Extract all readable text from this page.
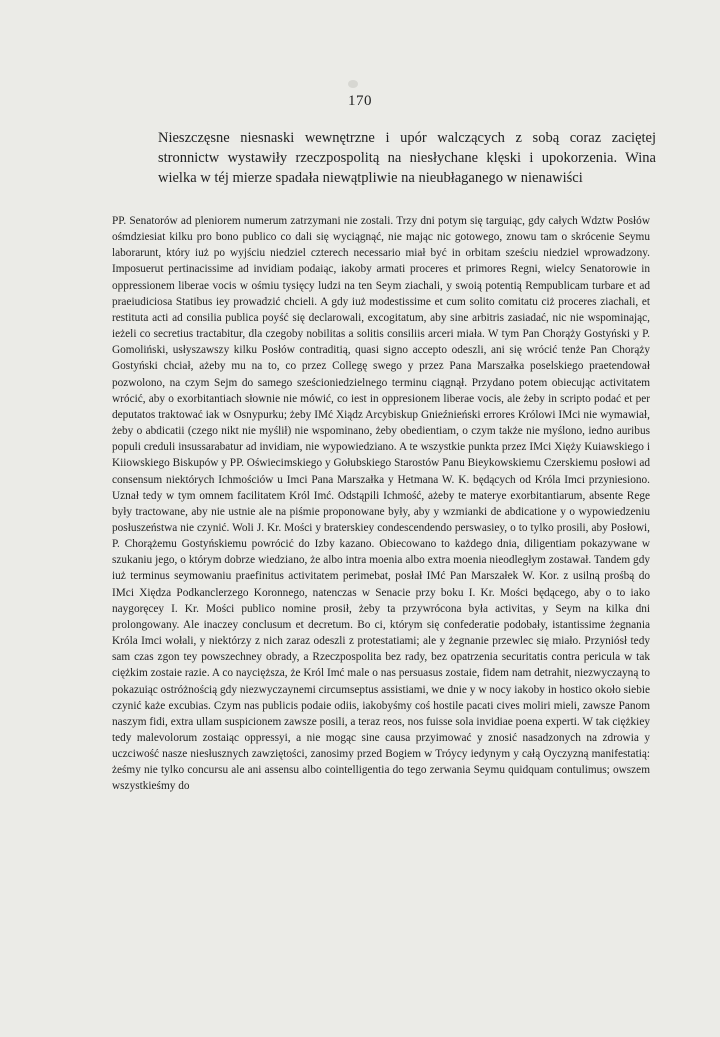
170
Nieszczęsne niesnaski wewnętrzne i upór walczących z sobą coraz zaciętej stronnictw wystawiły rzeczpospolitą na niesłychane klęski i upokorzenia. Wina wielka w téj mierze spadała niewątpliwie na nieubłaganego w nienawiści

PP. Senatorów ad pleniorem numerum zatrzymani nie zostali. Trzy dni potym się targuiąc, gdy całych Wdztw Posłów ośmdziesiat kilku pro bono publico co dali się wyciągnąć, nie mając nic gotowego, znowu tam o skrócenie Seymu laborarunt, który iuż po wyjściu niedziel czterech necessario miał być in orbitam sześciu niedziel wprowadzony. Imposuerut pertinacissime ad invidiam podaiąc, iakoby armati proceres et primores Regni, wielcy Senatorowie in oppressionem liberae vocis w ośmiu tysięcy ludzi na ten Seym ziachali, y swoią potentią Rempublicam turbare et ad praeiudiciosa Statibus iey prowadzić chcieli. A gdy iuż modestissime et cum solito comitatu ciż proceres ziachali, et restituta acti ad consilia publica poyść się declarowali, excogitatum, aby sine arbitris zasiadać, nic nie wspominając, ieżeli co secretius tractabitur, dla czegoby nobilitas a solitis consiliis arceri miała. W tym Pan Chorąży Gostyński y P. Gomoliński, usłyszawszy kilku Posłów contraditią, quasi signo accepto odeszli, ani się wrócić tenże Pan Chorąży Gostyński chciał, ażeby mu na to, co przez Collegę swego y przez Pana Marszałka poselskiego praetendował pozwolono, na czym Sejm do samego sześcioniedzielnego terminu ciągnął. Przydano potem obiecując activitatem wrócić, aby o exorbitantiach słownie nie mówić, co iest in oppresionem liberae vocis, ale żeby in scripto podać et per deputatos traktować iak w Osnypurku; żeby IMć Xiądz Arcybiskup Gnieźnieński errores Królowi IMci nie wymawiał, żeby o abdicatii (czego nikt nie myślił) nie wspominano, żeby obedientiam, o czym także nie myślono, iedno auribus populi creduli insussarabatur ad invidiam, nie wypowiedziano. A te wszystkie punkta przez IMci Xięży Kuiawskiego i Kiiowskiego Biskupów y PP. Oświecimskiego y Gołubskiego Starostów Panu Bieykowskiemu Czerskiemu posłowi ad consensum niektórych Ichmościów u Imci Pana Marszałka y Hetmana W. K. będących od Króla Imci przyniesiono. Uznał tedy w tym omnem facilitatem Król Imć. Odstąpili Ichmość, ażeby te materye exorbitantiarum, absente Rege były tractowane, aby nie ustnie ale na piśmie proponowane były, aby y wzmianki de abdicatione y o wypowiedzeniu posłuszeństwa nie czynić. Woli J. Kr. Mości y braterskiey condescendendo perswasiey, o to tylko prosili, aby Posłowi, P. Chorążemu Gostyńskiemu powrócić do Izby kazano. Obiecowano to każdego dnia, diligentiam pokazywane w szukaniu jego, o którym dobrze wiedziano, że albo intra moenia albo extra moenia nieodległym zostawał. Tandem gdy iuż terminus seymowaniu praefinitus activitatem perimebat, posłał IMć Pan Marszałek W. Kor. z usilną prośbą do IMci Xiędza Podkanclerzego Koronnego, natenczas w Senacie przy boku I. Kr. Mości będącego, aby o to iako naygoręcey I. Kr. Mości publico nomine prosił, żeby ta przywrócona była activitas, y Seym na kilka dni prolongowany. Ale inaczey conclusum et decretum. Bo ci, którym się confederatie podobały, istantissime żegnania Króla Imci wołali, y niektórzy z nich zaraz odeszli z protestatiami; ale y żegnanie przewlec się miało. Przyniósł tedy sam czas zgon tey powszechney obrady, a Rzeczpospolita bez rady, bez opatrzenia securitatis contra pericula w tak ciężkim zostaie razie. A co naycięższa, że Król Imć male o nas persuasus zostaie, fidem nam detrahit, niezwyczayną to pokazuiąc ostróżnością gdy niezwyczaynemi circumseptus assistiami, we dnie y w nocy iakoby in hostico około siebie czynić każe excubias. Czym nas publicis podaie odiis, iakobyśmy coś hostile pacati cives moliri mieli, zawsze Panom naszym fidi, extra ullam suspicionem zawsze posili, a teraz reos, nos fuisse sola invidiae poena experti. W tak ciężkiey tedy malevolorum zostaiąc oppressyi, a nie mogąc sine causa przyimować y znosić nasadzonych na zdrowia y uczciwość nasze niesłusznych zawziętości, zanosimy przed Bogiem w Tróycy iedynym y całą Oyczyzną manifestatią: żeśmy nie tylko concursu ale ani assensu albo cointelligentia do tego zerwania Seymu quidquam contulimus; owszem wszystkieśmy do
